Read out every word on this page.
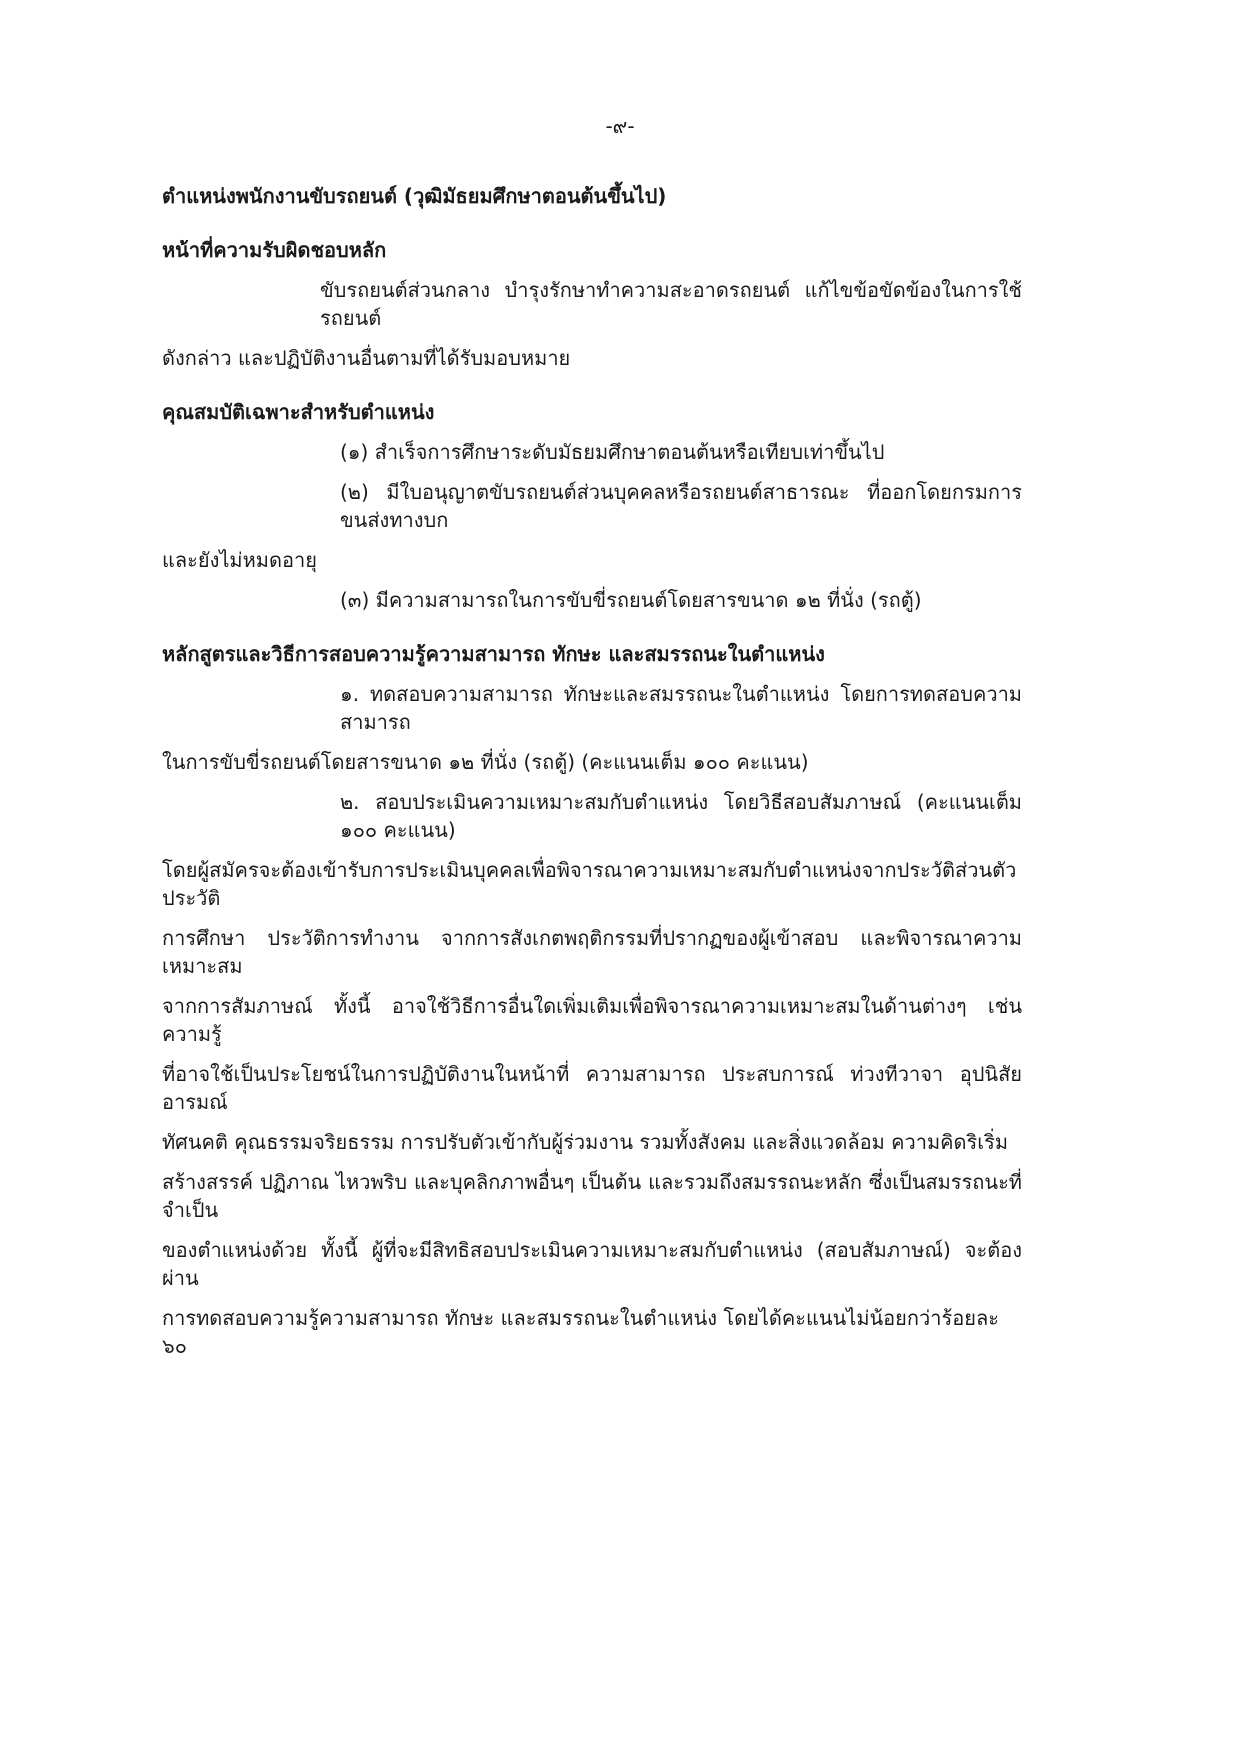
-๙-
ตำแหน่งพนักงานขับรถยนต์ (วุฒิมัธยมศึกษาตอนต้นขึ้นไป)
หน้าที่ความรับผิดชอบหลัก
ขับรถยนต์ส่วนกลาง บำรุงรักษาทำความสะอาดรถยนต์ แก้ไขข้อขัดข้องในการใช้รถยนต์
ดังกล่าว และปฏิบัติงานอื่นตามที่ได้รับมอบหมาย
คุณสมบัติเฉพาะสำหรับตำแหน่ง
(๑) สำเร็จการศึกษาระดับมัธยมศึกษาตอนต้นหรือเทียบเท่าขึ้นไป
(๒) มีใบอนุญาตขับรถยนต์ส่วนบุคคลหรือรถยนต์สาธารณะ ที่ออกโดยกรมการขนส่งทางบก
และยังไม่หมดอายุ
(๓) มีความสามารถในการขับขี่รถยนต์โดยสารขนาด ๑๒ ที่นั่ง (รถตู้)
หลักสูตรและวิธีการสอบความรู้ความสามารถ ทักษะ และสมรรถนะในตำแหน่ง
๑. ทดสอบความสามารถ ทักษะและสมรรถนะในตำแหน่ง โดยการทดสอบความสามารถ
ในการขับขี่รถยนต์โดยสารขนาด ๑๒ ที่นั่ง (รถตู้) (คะแนนเต็ม ๑๐๐ คะแนน)
๒. สอบประเมินความเหมาะสมกับตำแหน่ง โดยวิธีสอบสัมภาษณ์ (คะแนนเต็ม ๑๐๐ คะแนน)
โดยผู้สมัครจะต้องเข้ารับการประเมินบุคคลเพื่อพิจารณาความเหมาะสมกับตำแหน่งจากประวัติส่วนตัว ประวัติ
การศึกษา ประวัติการทำงาน จากการสังเกตพฤติกรรมที่ปรากฏของผู้เข้าสอบ และพิจารณาความเหมาะสม
จากการสัมภาษณ์ ทั้งนี้ อาจใช้วิธีการอื่นใดเพิ่มเติมเพื่อพิจารณาความเหมาะสมในด้านต่างๆ เช่น ความรู้
ที่อาจใช้เป็นประโยชน์ในการปฏิบัติงานในหน้าที่ ความสามารถ ประสบการณ์ ท่วงทีวาจา อุปนิสัย อารมณ์
ทัศนคติ คุณธรรมจริยธรรม การปรับตัวเข้ากับผู้ร่วมงาน รวมทั้งสังคม และสิ่งแวดล้อม ความคิดริเริ่ม
สร้างสรรค์ ปฏิภาณ ไหวพริบ และบุคลิกภาพอื่นๆ เป็นต้น และรวมถึงสมรรถนะหลัก ซึ่งเป็นสมรรถนะที่จำเป็น
ของตำแหน่งด้วย ทั้งนี้ ผู้ที่จะมีสิทธิสอบประเมินความเหมาะสมกับตำแหน่ง (สอบสัมภาษณ์) จะต้องผ่าน
การทดสอบความรู้ความสามารถ ทักษะ และสมรรถนะในตำแหน่ง โดยได้คะแนนไม่น้อยกว่าร้อยละ ๖๐
